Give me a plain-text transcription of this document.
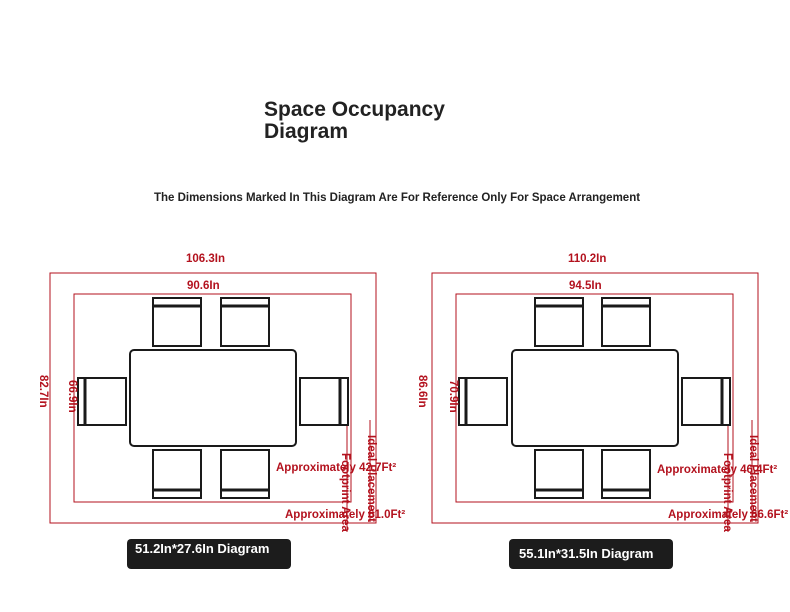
Space Occupancy Diagram
The Dimensions Marked In This Diagram Are For Reference Only For Space Arrangement
106.3In
90.6In
82.7In 66.9In
Approximately 42.7Ft²
Approximately 61.0Ft²
Footprint Area Ideal Placement
51.2In*27.6In Diagram
110.2In
94.5In
86.6In 70.9In
Approximately 46.4Ft²
Approximately 66.6Ft²
Footprint Area Ideal Placement
55.1In*31.5In Diagram
